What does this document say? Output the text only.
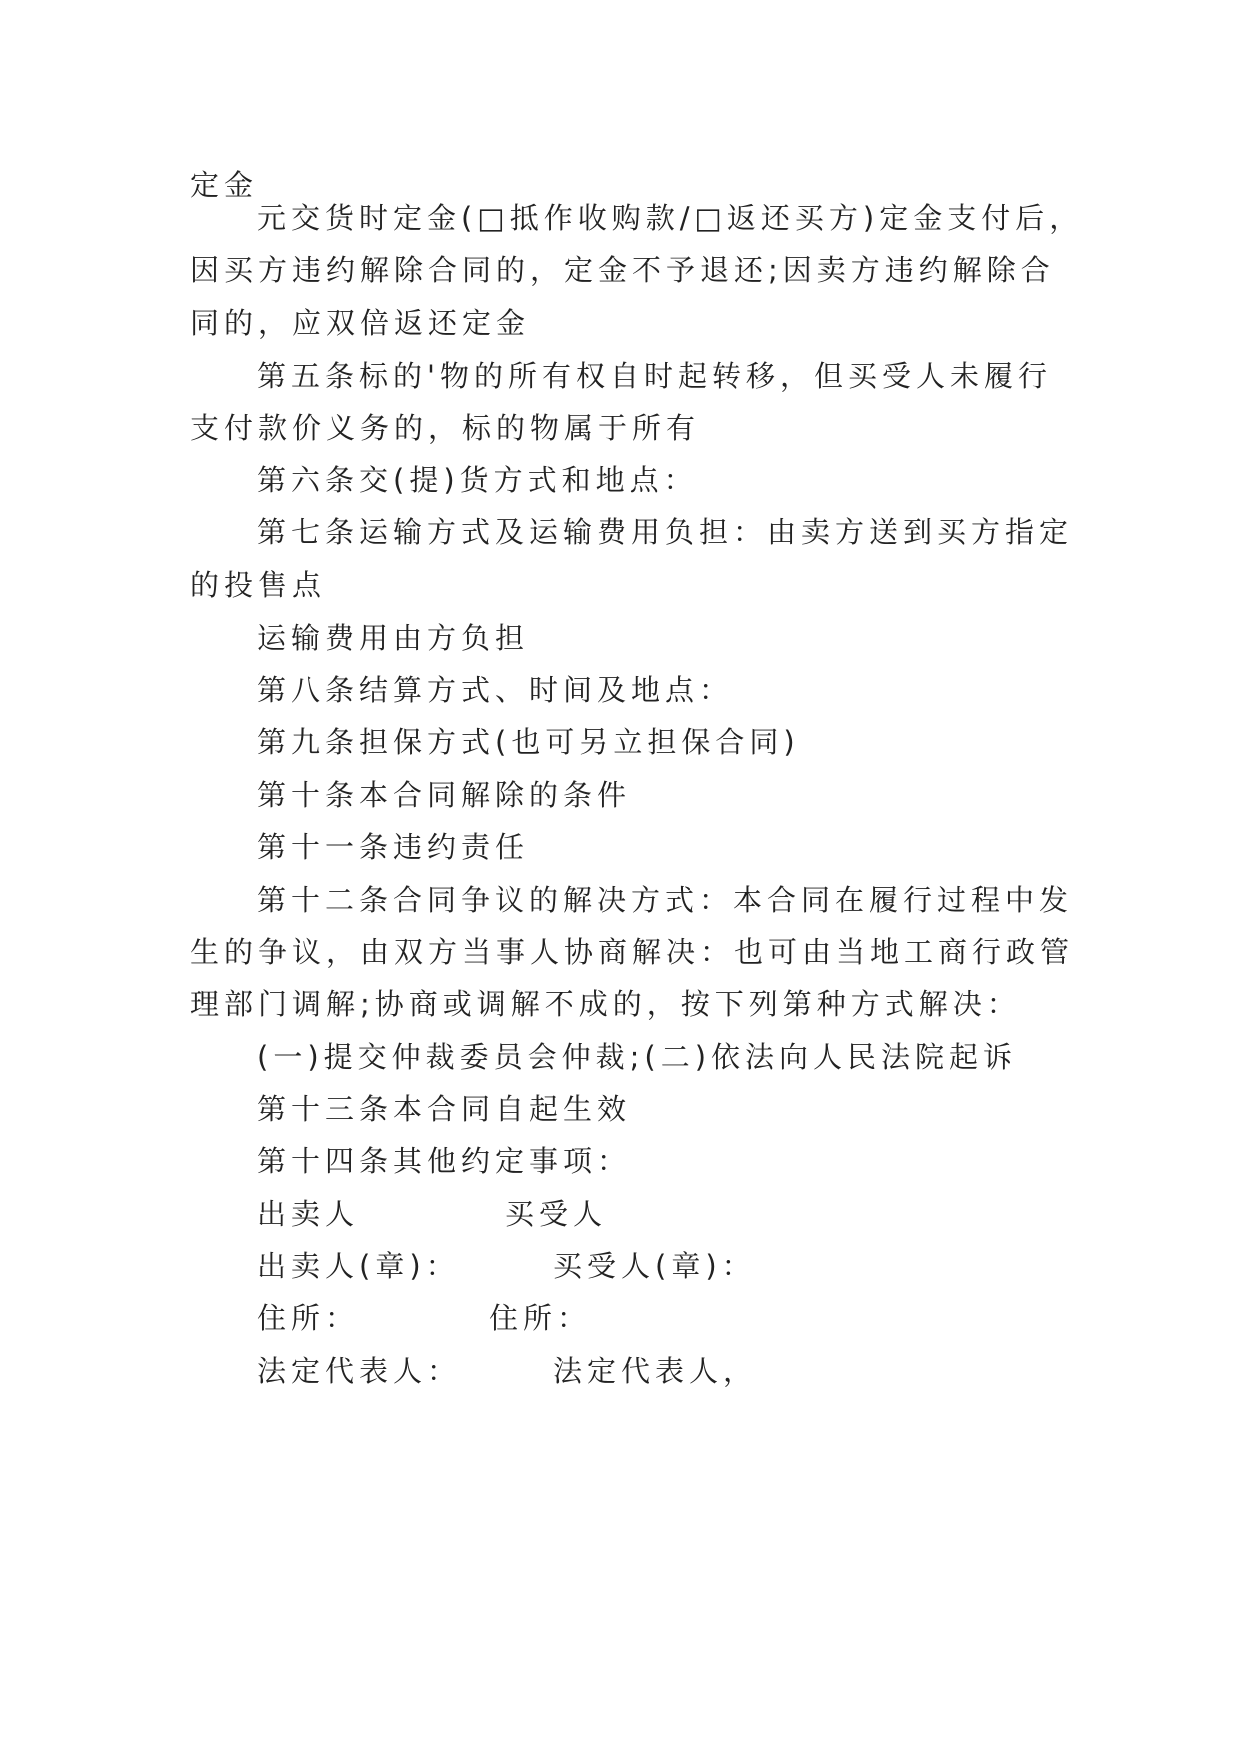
定金
元交货时定金(□抵作收购款/□返还买方)定金支付后，
因买方违约解除合同的，定金不予退还;因卖方违约解除合
同的，应双倍返还定金
第五条标的'物的所有权自时起转移，但买受人未履行
支付款价义务的，标的物属于所有
第六条交(提)货方式和地点：
第七条运输方式及运输费用负担：由卖方送到买方指定
的投售点
运输费用由方负担
第八条结算方式、时间及地点：
第九条担保方式(也可另立担保合同)
第十条本合同解除的条件
第十一条违约责任
第十二条合同争议的解决方式：本合同在履行过程中发
生的争议，由双方当事人协商解决：也可由当地工商行政管
理部门调解;协商或调解不成的，按下列第种方式解决：
(一)提交仲裁委员会仲裁;(二)依法向人民法院起诉
第十三条本合同自起生效
第十四条其他约定事项：
出卖人	买受人
出卖人(章)：	买受人(章)：
住所：	住所：
法定代表人：	法定代表人，
